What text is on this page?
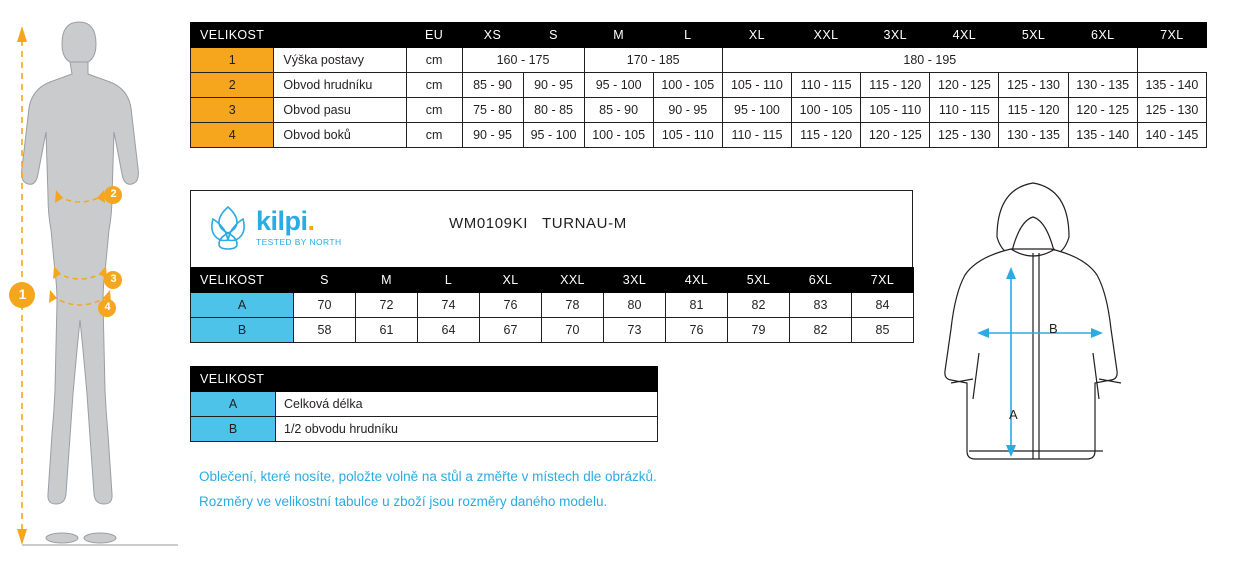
1
2
3
4
VELIKOST		EU	XS	S	M	L	XL	XXL	3XL	4XL	5XL	6XL	7XL
1	Výška postavy	cm	160 - 175		170 - 185		180 - 195						
2	Obvod hrudníku	cm	85 - 90	90 - 95	95 - 100	100 - 105	105 - 110	110 - 115	115 - 120	120 - 125	125 - 130	130 - 135	135 - 140
3	Obvod pasu	cm	75 - 80	80 - 85	85 - 90	90 - 95	95 - 100	100 - 105	105 - 110	110 - 115	115 - 120	120 - 125	125 - 130
4	Obvod boků	cm	90 - 95	95 - 100	100 - 105	105 - 110	110 - 115	115 - 120	120 - 125	125 - 130	130 - 135	135 - 140	140 - 145
kilpi.
TESTED BY NORTH
WM0109KI TURNAU-M
VELIKOST	S	M	L	XL	XXL	3XL	4XL	5XL	6XL	7XL
A	70	72	74	76	78	80	81	82	83	84
B	58	61	64	67	70	73	76	79	82	85
VELIKOST	
A	Celková délka
B	1/2 obvodu hrudníku
Oblečení, které nosíte, položte volně na stůl a změřte v místech dle obrázků.
Rozměry ve velikostní tabulce u zboží jsou rozměry daného modelu.
A
B
